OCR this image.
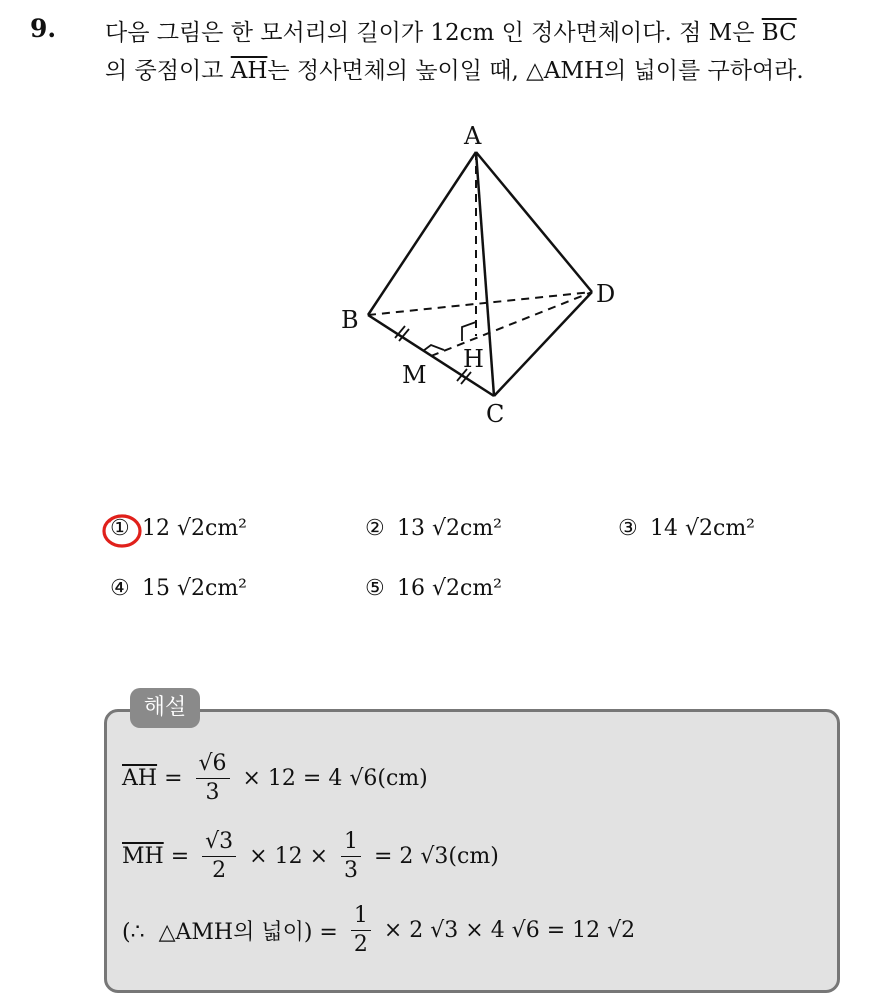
9. 다음 그림은 한 모서리의 길이가 12cm 인 정사면체이다. 점 M은 $\overline{BC}$
의 중점이고 $\overline{AH}$는 정사면체의 높이일 때, △AMH의 넓이를 구하여라.
A
B
C
D
M
H
① 12 √2cm²	② 13 √2cm²	③ 14 √2cm²
④ 15 √2cm²	⑤ 16 √2cm²
해설
$\overline{AH} = \frac{√6}{3} \times 12 = 4$ √6(cm)
$\overline{MH} = \frac{√3}{2} \times 12 \times \frac{1}{3} = 2$ √3(cm)
(∴  △AMH의 넓이) = $\frac{1}{2} \times 2$ √3 × 4 √6 = 12 √2
